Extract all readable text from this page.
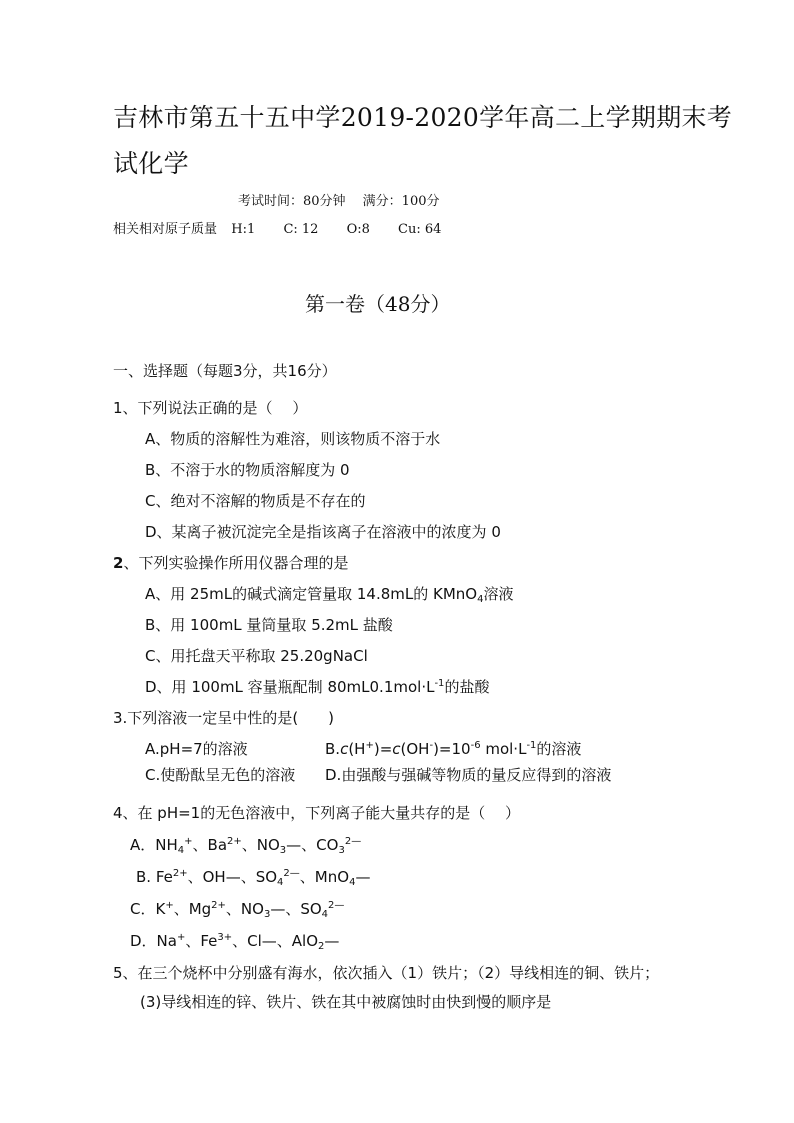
吉林市第五十五中学2019-2020学年高二上学期期末考
试化学
考试时间：80分钟　 满分：100分
相关相对原子质量 H:1 C: 12 O:8 Cu: 64
第一卷（48分）
一、选择题（每题3分，共16分）
1、下列说法正确的是（　 ）
A、物质的溶解性为难溶，则该物质不溶于水
B、不溶于水的物质溶解度为 0
C、绝对不溶解的物质是不存在的
D、某离子被沉淀完全是指该离子在溶液中的浓度为 0
2、下列实验操作所用仪器合理的是
A、用 25mL的碱式滴定管量取 14.8mL的 KMnO$_4$溶液
B、用 100mL 量筒量取 5.2mL 盐酸
C、用托盘天平称取 25.20gNaCl
D、用 100mL 容量瓶配制 $80mL0.1mol\cdot L^{-1}$的盐酸
3.下列溶液一定呈中性的是(　　)
A.pH=7的溶液	$B.c(H^+)=c(OH^-)=10^{-6}$ $mol\cdot L^{-1}$的溶液
C.使酚酞呈无色的溶液 D.由强酸与强碱等物质的量反应得到的溶液
4、在 pH=1的无色溶液中，下列离子能大量共存的是（　 ）
A．$NH_4^+$、$Ba^{2+}$、$NO_3—$、$CO_3^{2—}$
B. $Fe^{2+}$、OH—、$SO_4^{2—}$、MnO$_4$—
C．K+、$Mg^{2+}$、$NO_3—$、$SO_4^{2—}$
D．Na+、$Fe^{3+}$、Cl—、AlO$_2$—
5、在三个烧杯中分别盛有海水，依次插入（1）铁片；（2）导线相连的铜、铁片；
(3)导线相连的锌、铁片、铁在其中被腐蚀时由快到慢的顺序是
